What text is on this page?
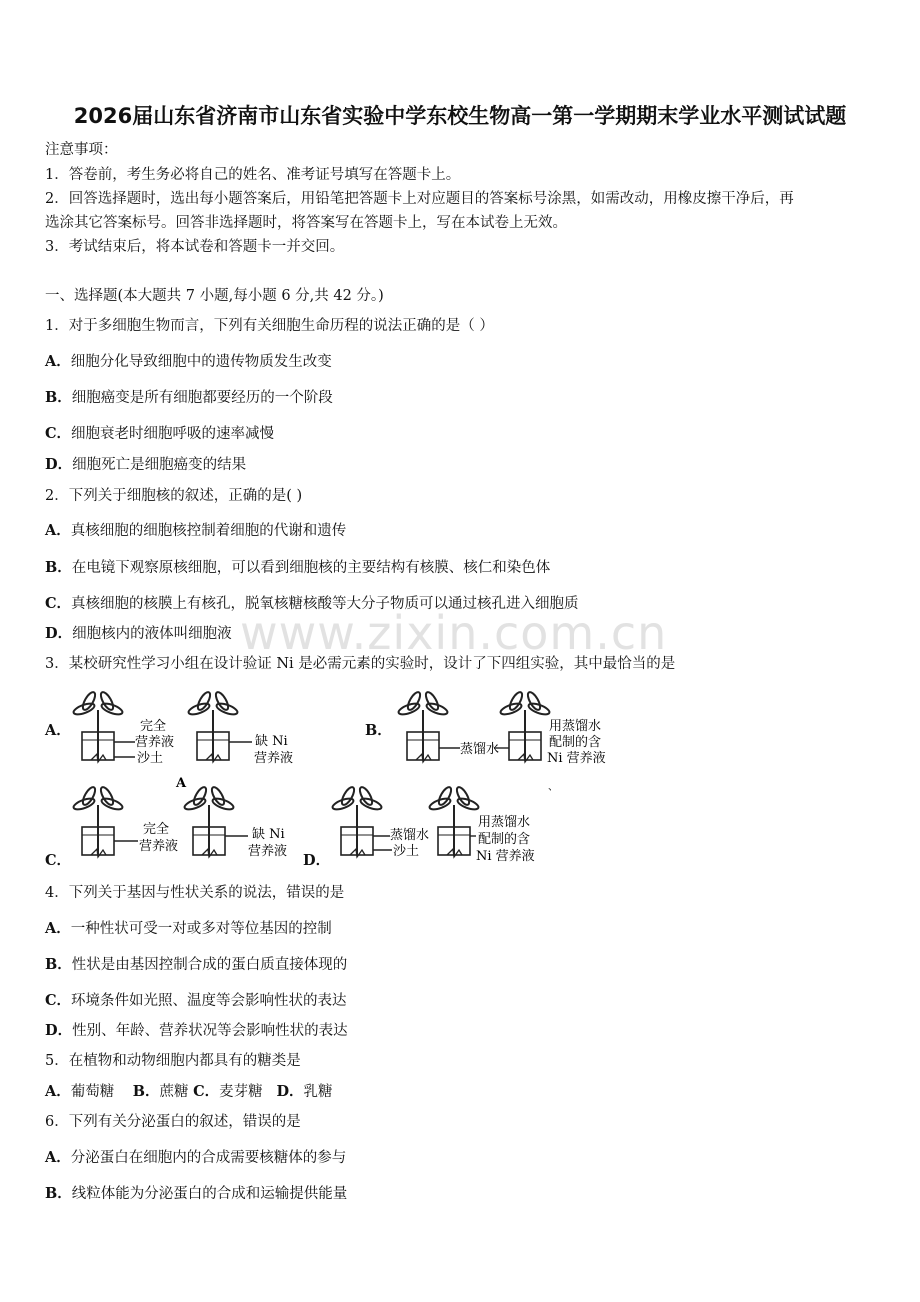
www.zixin.com.cn
2026届山东省济南市山东省实验中学东校生物高一第一学期期末学业水平测试试题
注意事项：
1．答卷前，考生务必将自己的姓名、准考证号填写在答题卡上。
2．回答选择题时，选出每小题答案后，用铅笔把答题卡上对应题目的答案标号涂黑，如需改动，用橡皮擦干净后，再
选涂其它答案标号。回答非选择题时，将答案写在答题卡上，写在本试卷上无效。
3．考试结束后，将本试卷和答题卡一并交回。
一、选择题(本大题共 7 小题,每小题 6 分,共 42 分。)
1．对于多细胞生物而言，下列有关细胞生命历程的说法正确的是（ ）
A．细胞分化导致细胞中的遗传物质发生改变
B．细胞癌变是所有细胞都要经历的一个阶段
C．细胞衰老时细胞呼吸的速率减慢
D．细胞死亡是细胞癌变的结果
2．下列关于细胞核的叙述，正确的是( )
A．真核细胞的细胞核控制着细胞的代谢和遗传
B．在电镜下观察原核细胞，可以看到细胞核的主要结构有核膜、核仁和染色体
C．真核细胞的核膜上有核孔，脱氧核糖核酸等大分子物质可以通过核孔进入细胞质
D．细胞核内的液体叫细胞液
3．某校研究性学习小组在设计验证 Ni 是必需元素的实验时，设计了下四组实验，其中最恰当的是
A．	B．
C．	D．
完全
营养液
沙土
缺 Ni
营养液
A
蒸馏水
用蒸馏水
配制的含
Ni 营养液
、
完全
营养液
缺 Ni
营养液
蒸馏水
沙土
用蒸馏水
配制的含
Ni 营养液
4．下列关于基因与性状关系的说法，错误的是
A．一种性状可受一对或多对等位基因的控制
B．性状是由基因控制合成的蛋白质直接体现的
C．环境条件如光照、温度等会影响性状的表达
D．性别、年龄、营养状况等会影响性状的表达
5．在植物和动物细胞内都具有的糖类是
A．葡萄糖 B．蔗糖 C．麦芽糖 D．乳糖
6．下列有关分泌蛋白的叙述，错误的是
A．分泌蛋白在细胞内的合成需要核糖体的参与
B．线粒体能为分泌蛋白的合成和运输提供能量
